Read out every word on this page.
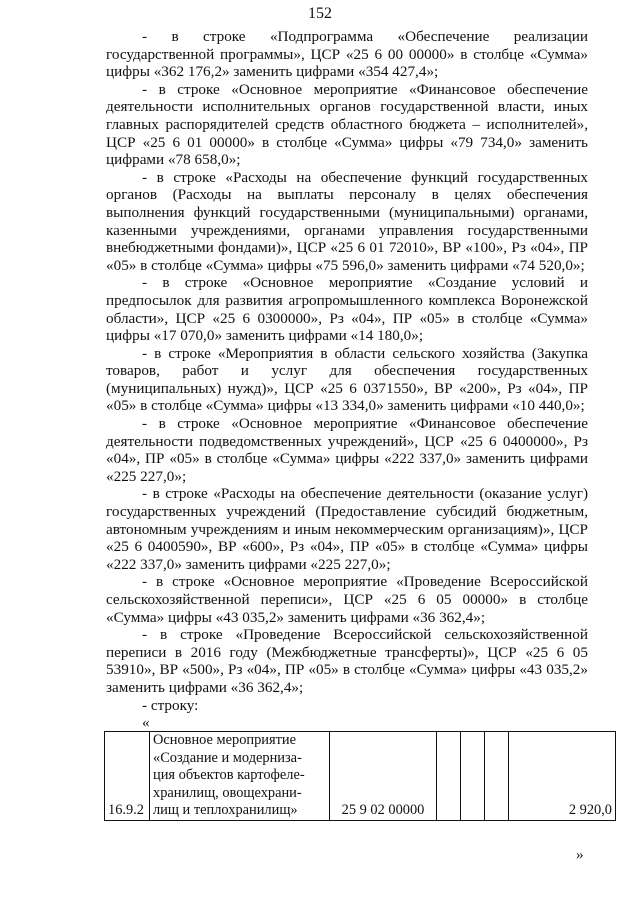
152

- в строке «Подпрограмма «Обеспечение реализации государственной программы», ЦСР «25 6 00 00000» в столбце «Сумма» цифры «362 176,2» заменить цифрами «354 427,4»;

- в строке «Основное мероприятие «Финансовое обеспечение деятельности исполнительных органов государственной власти, иных главных распорядителей средств областного бюджета – исполнителей», ЦСР «25 6 01 00000» в столбце «Сумма» цифры «79 734,0» заменить цифрами «78 658,0»;

- в строке «Расходы на обеспечение функций государственных органов (Расходы на выплаты персоналу в целях обеспечения выполнения функций государственными (муниципальными) органами, казенными учреждениями, органами управления государственными внебюджетными фондами)», ЦСР «25 6 01 72010», ВР «100», Рз «04», ПР «05» в столбце «Сумма» цифры «75 596,0» заменить цифрами «74 520,0»;

- в строке «Основное мероприятие «Создание условий и предпосылок для развития агропромышленного комплекса Воронежской области», ЦСР «25 6 0300000», Рз «04», ПР «05» в столбце «Сумма» цифры «17 070,0» заменить цифрами «14 180,0»;

- в строке «Мероприятия в области сельского хозяйства (Закупка товаров, работ и услуг для обеспечения государственных (муниципальных) нужд)», ЦСР «25 6 0371550», ВР «200», Рз «04», ПР «05» в столбце «Сумма» цифры «13 334,0» заменить цифрами «10 440,0»;

- в строке «Основное мероприятие «Финансовое обеспечение деятельности подведомственных учреждений», ЦСР «25 6 0400000», Рз «04», ПР «05» в столбце «Сумма» цифры «222 337,0» заменить цифрами «225 227,0»;

- в строке «Расходы на обеспечение деятельности (оказание услуг) государственных учреждений (Предоставление субсидий бюджетным, автономным учреждениям и иным некоммерческим организациям)», ЦСР «25 6 0400590», ВР «600», Рз «04», ПР «05» в столбце «Сумма» цифры «222 337,0» заменить цифрами «225 227,0»;

- в строке «Основное мероприятие «Проведение Всероссийской сельскохозяйственной переписи», ЦСР «25 6 05 00000» в столбце «Сумма» цифры «43 035,2» заменить цифрами «36 362,4»;

- в строке «Проведение Всероссийской сельскохозяйственной переписи в 2016 году (Межбюджетные трансферты)», ЦСР «25 6 05 53910», ВР «500», Рз «04», ПР «05» в столбце «Сумма» цифры «43 035,2» заменить цифрами «36 362,4»;

- строку:

«

16.9.2	
Основное мероприятие
«Создание и модерниза-
ция объектов картофеле-
хранилищ, овощехрани-
лищ и теплохранилищ»	25 9 02 00000				2 920,0
»
